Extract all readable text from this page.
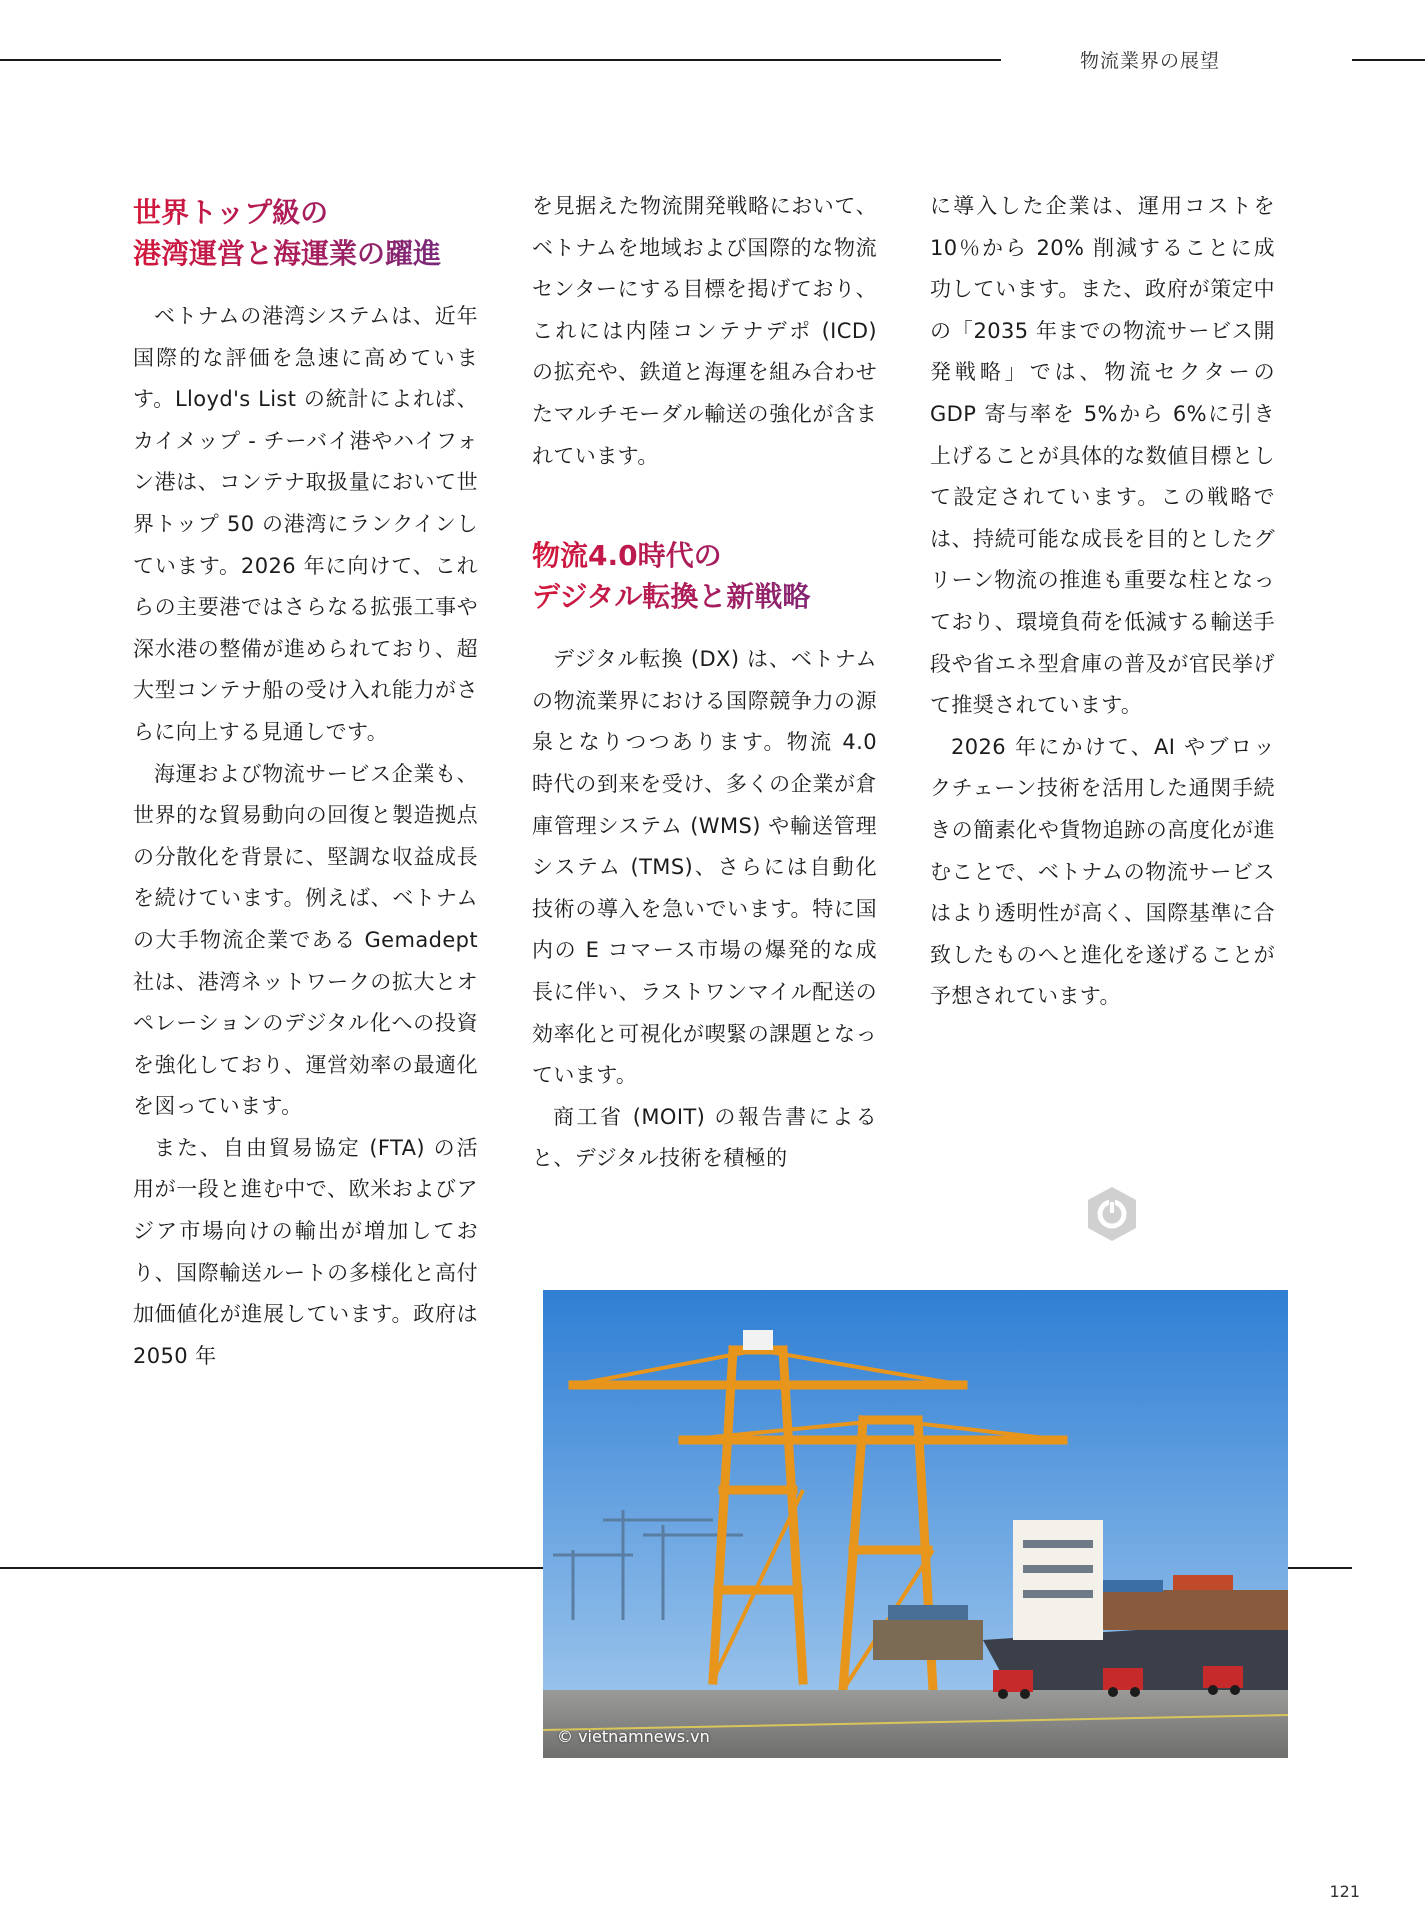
物流業界の展望
世界トップ級の
港湾運営と海運業の躍進

ベトナムの港湾システムは、近年国際的な評価を急速に高めています。Lloyd's List の統計によれば、カイメップ - チーバイ港やハイフォン港は、コンテナ取扱量において世界トップ 50 の港湾にランクインしています。2026 年に向けて、これらの主要港ではさらなる拡張工事や深水港の整備が進められており、超大型コンテナ船の受け入れ能力がさらに向上する見通しです。

海運および物流サービス企業も、世界的な貿易動向の回復と製造拠点の分散化を背景に、堅調な収益成長を続けています。例えば、ベトナムの大手物流企業である Gemadept 社は、港湾ネットワークの拡大とオペレーションのデジタル化への投資を強化しており、運営効率の最適化を図っています。

また、自由貿易協定 (FTA) の活用が一段と進む中で、欧米およびアジア市場向けの輸出が増加しており、国際輸送ルートの多様化と高付加価値化が進展しています。政府は 2050 年

を見据えた物流開発戦略において、ベトナムを地域および国際的な物流センターにする目標を掲げており、これには内陸コンテナデポ (ICD) の拡充や、鉄道と海運を組み合わせたマルチモーダル輸送の強化が含まれています。

物流4.0時代の
デジタル転換と新戦略

デジタル転換 (DX) は、ベトナムの物流業界における国際競争力の源泉となりつつあります。物流 4.0 時代の到来を受け、多くの企業が倉庫管理システム (WMS) や輸送管理システム (TMS)、さらには自動化技術の導入を急いでいます。特に国内の E コマース市場の爆発的な成長に伴い、ラストワンマイル配送の効率化と可視化が喫緊の課題となっています。

商工省 (MOIT) の報告書によると、デジタル技術を積極的

に導入した企業は、運用コストを 10％から 20% 削減することに成功しています。また、政府が策定中の「2035 年までの物流サービス開発戦略」では、物流セクターの GDP 寄与率を 5%から 6%に引き上げることが具体的な数値目標として設定されています。この戦略では、持続可能な成長を目的としたグリーン物流の推進も重要な柱となっており、環境負荷を低減する輸送手段や省エネ型倉庫の普及が官民挙げて推奨されています。

2026 年にかけて、AI やブロックチェーン技術を活用した通関手続きの簡素化や貨物追跡の高度化が進むことで、ベトナムの物流サービスはより透明性が高く、国際基準に合致したものへと進化を遂げることが予想されています。

© vietnamnews.vn
121
